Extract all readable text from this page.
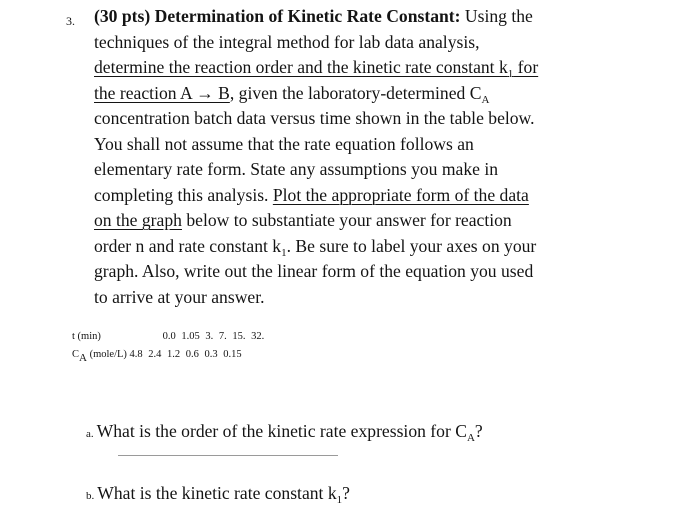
3. (30 pts) Determination of Kinetic Rate Constant: Using the
techniques of the integral method for lab data analysis,
determine the reaction order and the kinetic rate constant $k_1$ for
the reaction A → B, given the laboratory-determined $C_A$
concentration batch data versus time shown in the table below.
You shall not assume that the rate equation follows an
elementary rate form. State any assumptions you make in
completing this analysis. Plot the appropriate form of the data
on the graph below to substantiate your answer for reaction
order n and rate constant $k_1$. Be sure to label your axes on your
graph. Also, write out the linear form of the equation you used
to arrive at your answer.
t (min)	0.0 1.05 3. 7. 15. 32.
$C_A$ (mole/L) 4.8 2.4 1.2 0.6 0.3 0.15
a. What is the order of the kinetic rate expression for $C_A$?
b. What is the kinetic rate constant $k_1$?
